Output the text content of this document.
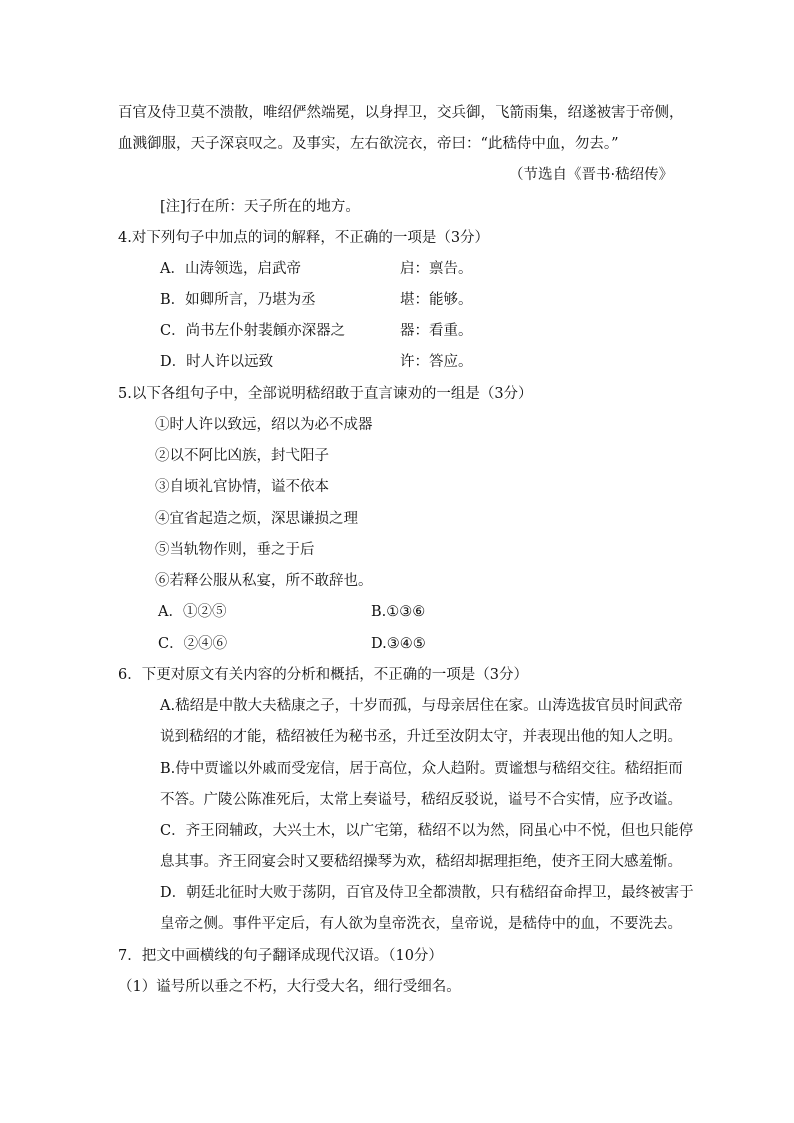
百官及侍卫莫不溃散，唯绍俨然端冕，以身捍卫，交兵御，飞箭雨集，绍遂被害于帝侧，
血溅御服，天子深哀叹之。及事实，左右欲浣衣，帝曰：“此嵇侍中血，勿去。”
（节选自《晋书·嵇绍传》
[注]行在所：天子所在的地方。
4.对下列句子中加点的词的解释，不正确的一项是（3分）
A．山涛领选，启武帝	启：禀告。
B．如卿所言，乃堪为丞	堪：能够。
C．尚书左仆射裴頠亦深器之	器：看重。
D．时人许以远致	许：答应。
5.以下各组句子中，全部说明嵇绍敢于直言谏劝的一组是（3分）
①时人许以致远，绍以为必不成器
②以不阿比凶族，封弋阳子
③自顷礼官协情，谥不依本
④宜省起造之烦，深思谦损之理
⑤当轨物作则，垂之于后
⑥若释公服从私宴，所不敢辞也。
A．①②⑤	B.①③⑥
C．②④⑥	D.③④⑤
6．下更对原文有关内容的分析和概括，不正确的一项是（3分）
A.嵇绍是中散大夫嵇康之子，十岁而孤，与母亲居住在家。山涛选拔官员时间武帝
说到嵇绍的才能，嵇绍被任为秘书丞，升迁至汝阴太守，并表现出他的知人之明。
B.侍中贾谧以外戚而受宠信，居于高位，众人趋附。贾谧想与嵇绍交往。嵇绍拒而
不答。广陵公陈准死后，太常上奏谥号，嵇绍反驳说，谥号不合实情，应予改谥。
C．齐王冏辅政，大兴土木，以广宅第，嵇绍不以为然，冏虽心中不悦，但也只能停
息其事。齐王冏宴会时又要嵇绍操琴为欢，嵇绍却据理拒绝，使齐王冏大感羞惭。
D．朝廷北征时大败于荡阴，百官及侍卫全都溃散，只有嵇绍奋命捍卫，最终被害于
皇帝之侧。事件平定后，有人欲为皇帝洗衣，皇帝说，是嵇侍中的血，不要洗去。
7．把文中画横线的句子翻译成现代汉语。（10分）
（1）谥号所以垂之不朽，大行受大名，细行受细名。
